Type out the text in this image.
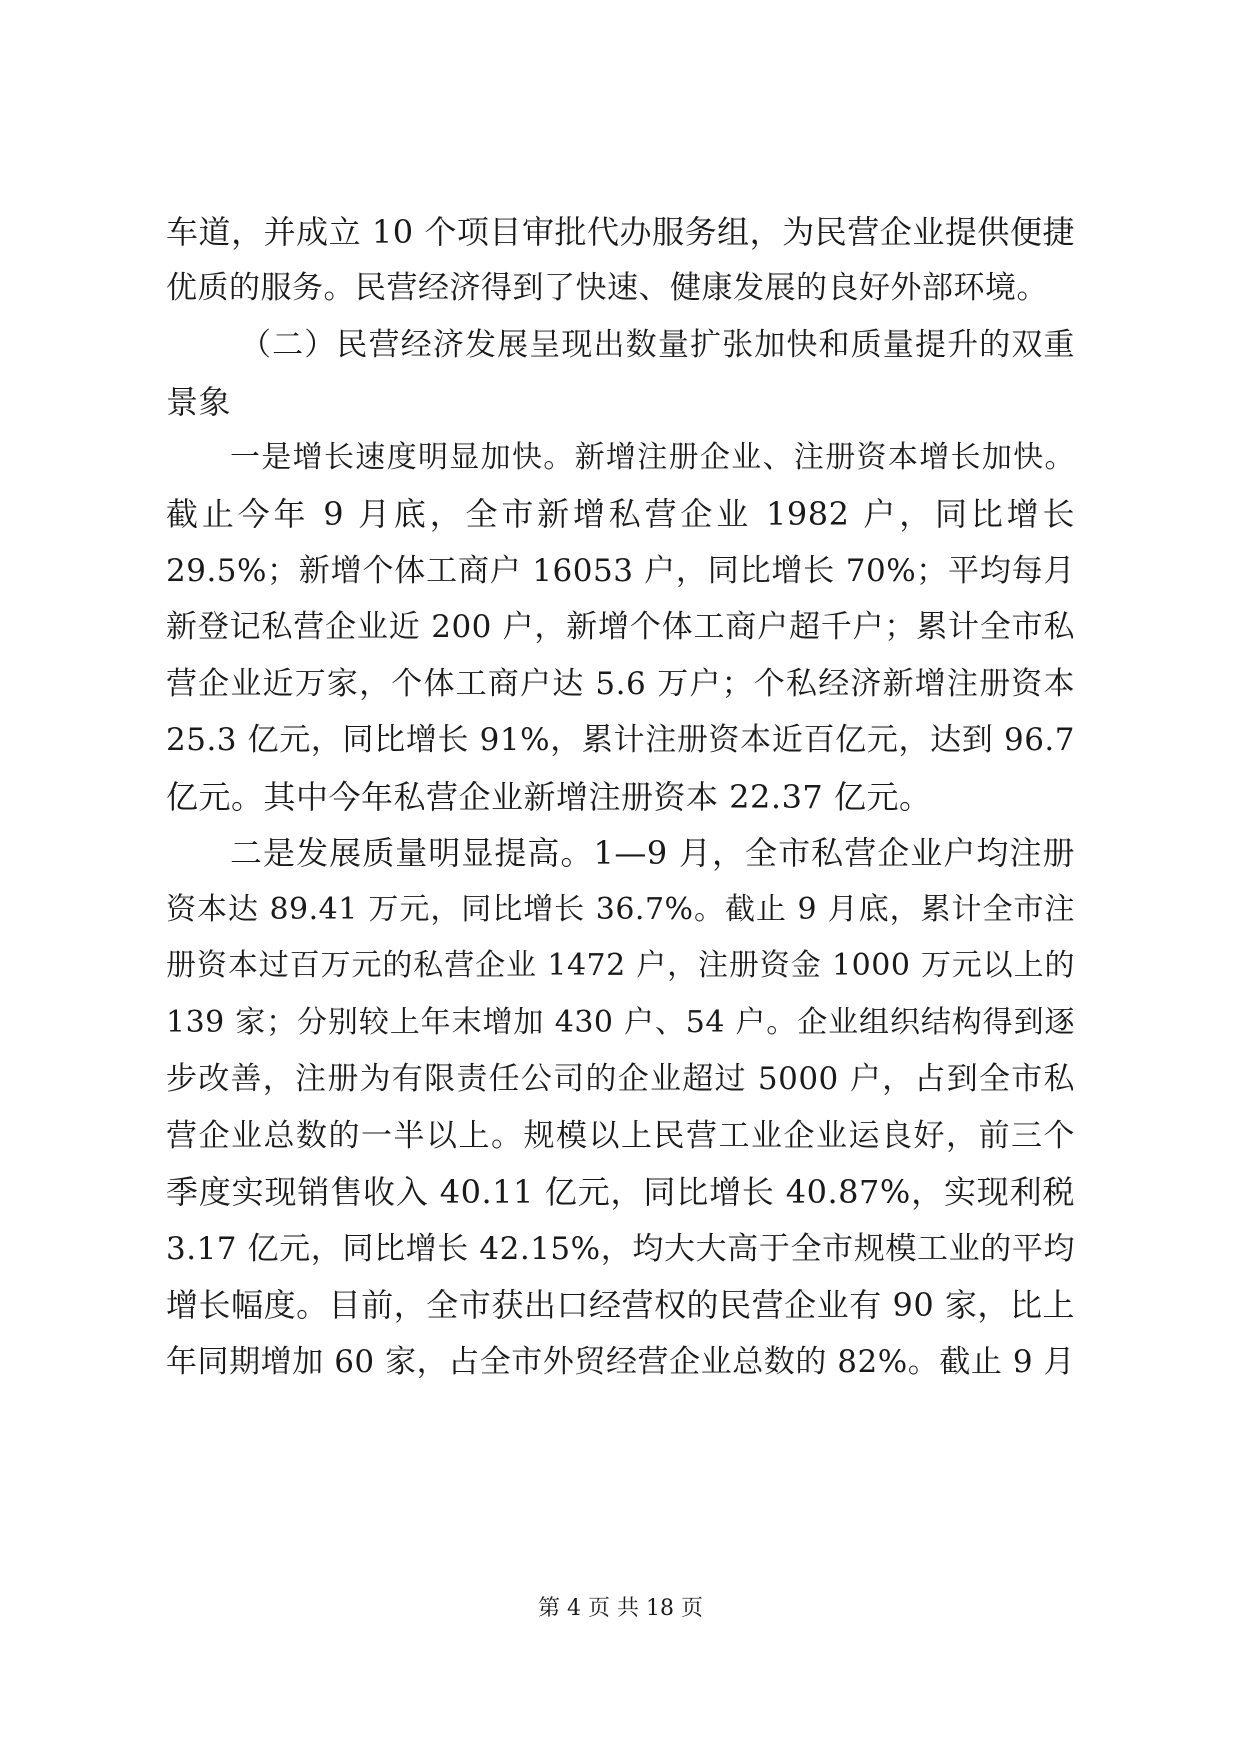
车道，并成立 10 个项目审批代办服务组，为民营企业提供便捷
优质的服务。民营经济得到了快速、健康发展的良好外部环境。
（二）民营经济发展呈现出数量扩张加快和质量提升的双重
景象
一是增长速度明显加快。新增注册企业、注册资本增长加快。
截止今年 9 月底，全市新增私营企业 1982 户，同比增长
29.5%；新增个体工商户 16053 户，同比增长 70%；平均每月
新登记私营企业近 200 户，新增个体工商户超千户；累计全市私
营企业近万家，个体工商户达 5.6 万户；个私经济新增注册资本
25.3 亿元，同比增长 91%，累计注册资本近百亿元，达到 96.7
亿元。其中今年私营企业新增注册资本 22.37 亿元。
二是发展质量明显提高。1—9 月，全市私营企业户均注册
资本达 89.41 万元，同比增长 36.7%。截止 9 月底，累计全市注
册资本过百万元的私营企业 1472 户，注册资金 1000 万元以上的
139 家；分别较上年末增加 430 户、54 户。企业组织结构得到逐
步改善，注册为有限责任公司的企业超过 5000 户，占到全市私
营企业总数的一半以上。规模以上民营工业企业运良好，前三个
季度实现销售收入 40.11 亿元，同比增长 40.87%，实现利税
3.17 亿元，同比增长 42.15%，均大大高于全市规模工业的平均
增长幅度。目前，全市获出口经营权的民营企业有 90 家，比上
年同期增加 60 家，占全市外贸经营企业总数的 82%。截止 9 月
第 4 页 共 18 页
